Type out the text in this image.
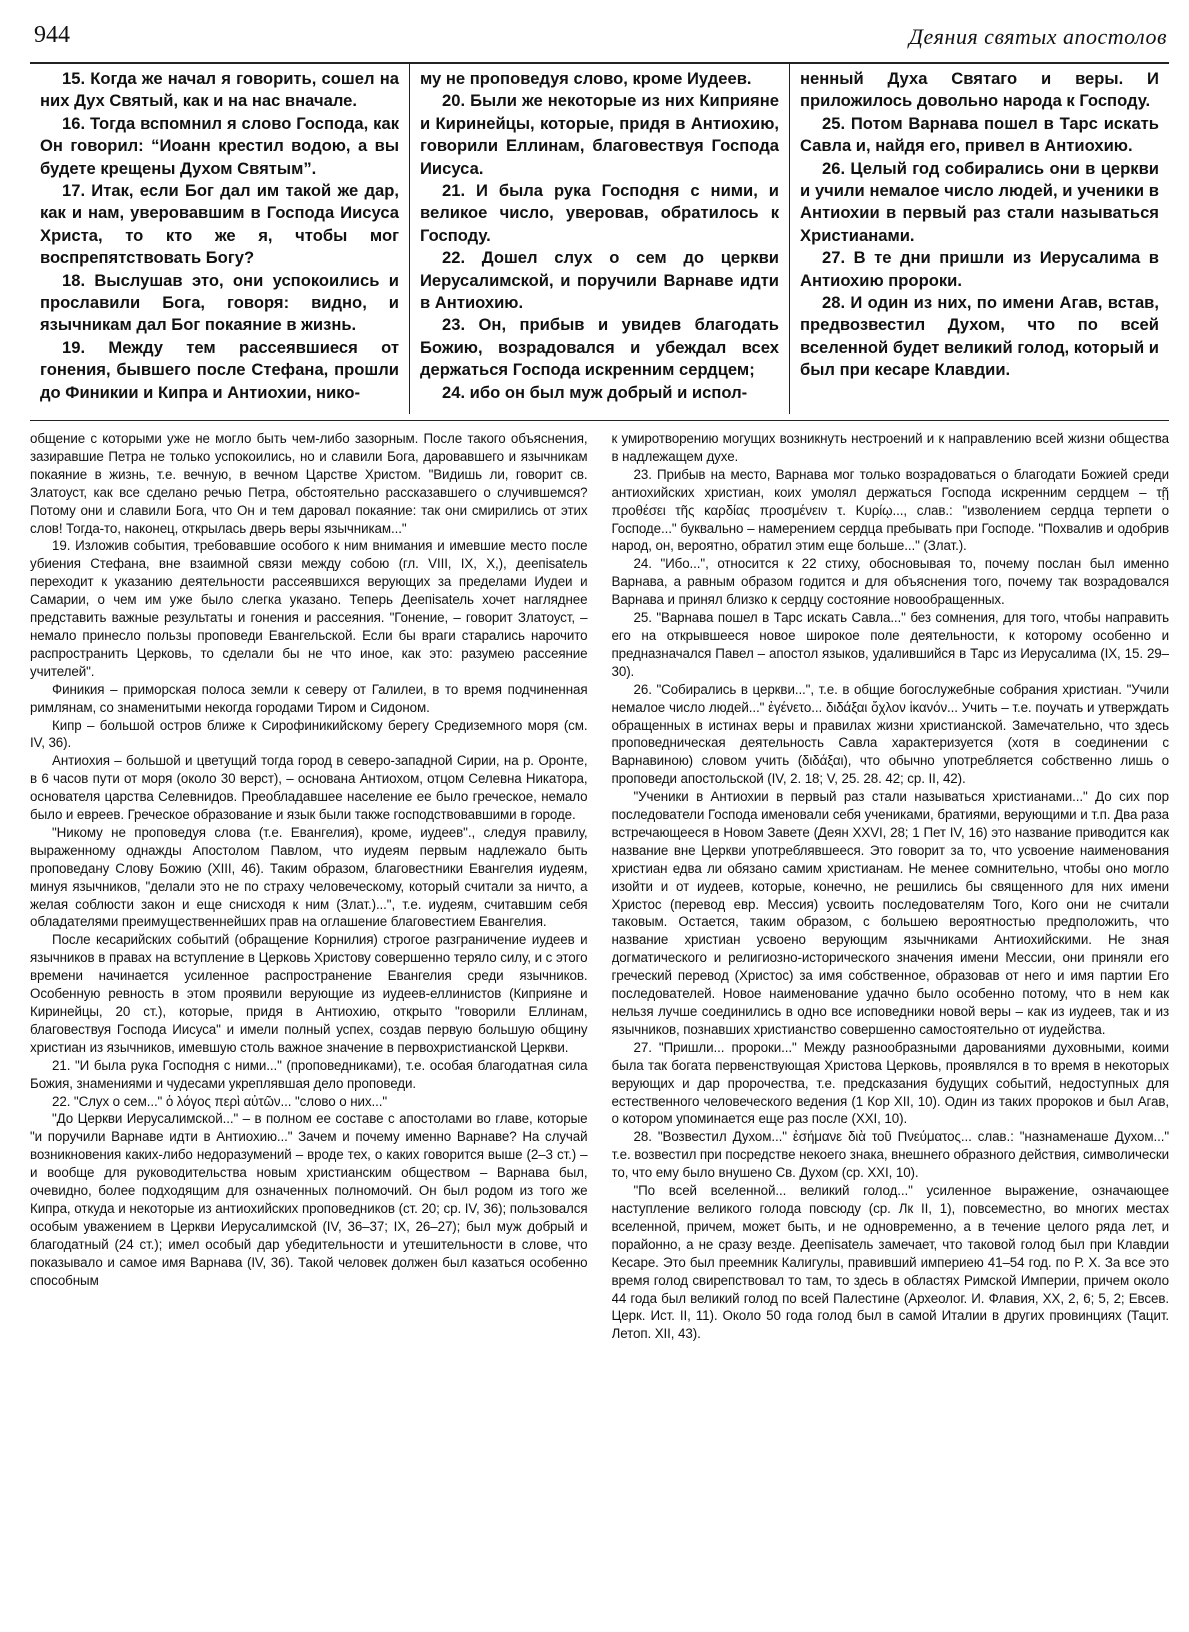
944	Деяния святых апостолов

15. Когда же начал я говорить, сошел на них Дух Святый, как и на нас вначале.

16. Тогда вспомнил я слово Господа, как Он говорил: “Иоанн крестил водою, а вы будете крещены Духом Святым”.

17. Итак, если Бог дал им такой же дар, как и нам, уверовавшим в Господа Иисуса Христа, то кто же я, чтобы мог воспрепятствовать Богу?

18. Выслушав это, они успокоились и прославили Бога, говоря: видно, и язычникам дал Бог покаяние в жизнь.

19. Между тем рассеявшиеся от гонения, бывшего после Стефана, прошли до Финикии и Кипра и Антиохии, нико-

му не проповедуя слово, кроме Иудеев.

20. Были же некоторые из них Киприяне и Киринейцы, которые, придя в Антиохию, говорили Еллинам, благовествуя Господа Иисуса.

21. И была рука Господня с ними, и великое число, уверовав, обратилось к Господу.

22. Дошел слух о сем до церкви Иерусалимской, и поручили Варнаве идти в Антиохию.

23. Он, прибыв и увидев благодать Божию, возрадовался и убеждал всех держаться Господа искренним сердцем;

24. ибо он был муж добрый и испол-

ненный Духа Святаго и веры. И приложилось довольно народа к Господу.

25. Потом Варнава пошел в Тарс искать Савла и, найдя его, привел в Антиохию.

26. Целый год собирались они в церкви и учили немалое число людей, и ученики в Антиохии в первый раз стали называться Христианами.

27. В те дни пришли из Иерусалима в Антиохию пророки.

28. И один из них, по имени Агав, встав, предвозвестил Духом, что по всей вселенной будет великий голод, который и был при кесаре Клавдии.

общение с которыми уже не могло быть чем-либо зазорным. После такого объяснения, зазиравшие Петра не только успокоились, но и славили Бога, даровавшего и язычникам покаяние в жизнь, т.е. вечную, в вечном Царстве Христом. "Видишь ли, говорит св. Златоуст, как все сделано речью Петра, обстоятельно рассказавшего о случившемся? Потому они и славили Бога, что Он и тем даровал покаяние: так они смирились от этих слов! Тогда-то, наконец, открылась дверь веры язычникам..."

19. Изложив события, требовавшие особого к ним внимания и имевшие место после убиения Стефана, вне взаимной связи между собою (гл. VIII, IX, X,), деепisatель переходит к указанию деятельности рассеявшихся верующих за пределами Иудеи и Самарии, о чем им уже было слегка указано. Теперь Деепisatель хочет нагляднее представить важные результаты и гонения и рассеяния. "Гонение, – говорит Златоуст, – немало принесло пользы проповеди Евангельской. Если бы враги старались нарочито распространить Церковь, то сделали бы не что иное, как это: разумею рассеяние учителей".

Финикия – приморская полоса земли к северу от Галилеи, в то время подчиненная римлянам, со знаменитыми некогда городами Тиром и Сидоном.

Кипр – большой остров ближе к Сирофиникийскому берегу Средиземного моря (см. IV, 36).

Антиохия – большой и цветущий тогда город в северо-западной Сирии, на р. Оронте, в 6 часов пути от моря (около 30 верст), – основана Антиохом, отцом Селевна Никатора, основателя царства Селевнидов. Преобладавшее население ее было греческое, немало было и евреев. Греческое образование и язык были также господствовавшими в городе.

"Никому не проповедуя слова (т.е. Евангелия), кроме, иудеев"., следуя правилу, выраженному однажды Апостолом Павлом, что иудеям первым надлежало быть проповедану Слову Божию (XIII, 46). Таким образом, благовестники Евангелия иудеям, минуя язычников, "делали это не по страху человеческому, который считали за ничто, а желая соблюсти закон и еще снисходя к ним (Злат.)...", т.е. иудеям, считавшим себя обладателями преимущественнейших прав на оглашение благовестием Евангелия.

После кесарийских событий (обращение Корнилия) строгое разграничение иудеев и язычников в правах на вступление в Церковь Христову совершенно теряло силу, и с этого времени начинается усиленное распространение Евангелия среди язычников. Особенную ревность в этом проявили верующие из иудеев-еллинистов (Киприяне и Киринейцы, 20 ст.), которые, придя в Антиохию, открыто "говорили Еллинам, благовествуя Господа Иисуса" и имели полный успех, создав первую большую общину христиан из язычников, имевшую столь важное значение в первохристианской Церкви.

21. "И была рука Господня с ними..." (проповедниками), т.е. особая благодатная сила Божия, знамениями и чудесами укреплявшая дело проповеди.

22. "Слух о сем..." ὁ λόγος περὶ αὐτῶν... "слово о них..."

"До Церкви Иерусалимской..." – в полном ее составе с апостолами во главе, которые "и поручили Варнаве идти в Антиохию..." Зачем и почему именно Варнаве? На случай возникновения каких-либо недоразумений – вроде тех, о каких говорится выше (2–3 ст.) – и вообще для руководительства новым христианским обществом – Варнава был, очевидно, более подходящим для означенных полномочий. Он был родом из того же Кипра, откуда и некоторые из антиохийских проповедников (ст. 20; ср. IV, 36); пользовался особым уважением в Церкви Иерусалимской (IV, 36–37; IX, 26–27); был муж добрый и благодатный (24 ст.); имел особый дар убедительности и утешительности в слове, что показывало и самое имя Варнава (IV, 36). Такой человек должен был казаться особенно способным

к умиротворению могущих возникнуть нестроений и к направлению всей жизни общества в надлежащем духе.

23. Прибыв на место, Варнава мог только возрадоваться о благодати Божией среди антиохийских христиан, коих умолял держаться Господа искренним сердцем – τῇ προθέσει τῆς καρδίας προσμένειν τ. Κυρίῳ..., слав.: "изволением сердца терпети о Господе..." буквально – намерением сердца пребывать при Господе. "Похвалив и одобрив народ, он, вероятно, обратил этим еще больше..." (Злат.).

24. "Ибо...", относится к 22 стиху, обосновывая то, почему послан был именно Варнава, а равным образом годится и для объяснения того, почему так возрадовался Варнава и принял близко к сердцу состояние новообращенных.

25. "Варнава пошел в Тарс искать Савла..." без сомнения, для того, чтобы направить его на открывшееся новое широкое поле деятельности, к которому особенно и предназначался Павел – апостол языков, удалившийся в Тарс из Иерусалима (IX, 15. 29–30).

26. "Собирались в церкви...", т.е. в общие богослужебные собрания христиан. "Учили немалое число людей..." ἐγένετο... διδάξαι ὄχλον ἱκανόν... Учить – т.е. поучать и утверждать обращенных в истинах веры и правилах жизни христианской. Замечательно, что здесь проповедническая деятельность Савла характеризуется (хотя в соединении с Варнавиною) словом учить (διδάξαι), что обычно употребляется собственно лишь о проповеди апостольской (IV, 2. 18; V, 25. 28. 42; ср. II, 42).

"Ученики в Антиохии в первый раз стали называться христианами..." До сих пор последователи Господа именовали себя учениками, братиями, верующими и т.п. Два раза встречающееся в Новом Завете (Деян XXVI, 28; 1 Пет IV, 16) это название приводится как название вне Церкви употреблявшееся. Это говорит за то, что усвоение наименования христиан едва ли обязано самим христианам. Не менее сомнительно, чтобы оно могло изойти и от иудеев, которые, конечно, не решились бы священного для них имени Христос (перевод евр. Мессия) усвоить последователям Того, Кого они не считали таковым. Остается, таким образом, с большею вероятностью предположить, что название христиан усвоено верующим язычниками Антиохийскими. Не зная догматического и религиозно-исторического значения имени Мессии, они приняли его греческий перевод (Христос) за имя собственное, образовав от него и имя партии Его последователей. Новое наименование удачно было особенно потому, что в нем как нельзя лучше соединились в одно все исповедники новой веры – как из иудеев, так и из язычников, познавших христианство совершенно самостоятельно от иудейства.

27. "Пришли... пророки..." Между разнообразными дарованиями духовными, коими была так богата первенствующая Христова Церковь, проявлялся в то время в некоторых верующих и дар пророчества, т.е. предсказания будущих событий, недоступных для естественного человеческого ведения (1 Кор XII, 10). Один из таких пророков и был Агав, о котором упоминается еще раз после (XXI, 10).

28. "Возвестил Духом..." ἐσήμανε διὰ τοῦ Πνεύματος... слав.: "назнаменаше Духом..." т.е. возвестил при посредстве некоего знака, внешнего образного действия, символически то, что ему было внушено Св. Духом (ср. XXI, 10).

"По всей вселенной... великий голод..." усиленное выражение, означающее наступление великого голода повсюду (ср. Лк II, 1), повсеместно, во многих местах вселенной, причем, может быть, и не одновременно, а в течение целого ряда лет, и порайонно, а не сразу везде. Деепisatель замечает, что таковой голод был при Клавдии Кесаре. Это был преемник Калигулы, правивший империею 41–54 год. по Р. Х. За все это время голод свирепствовал то там, то здесь в областях Римской Империи, причем около 44 года был великий голод по всей Палестине (Археолог. И. Флавия, XX, 2, 6; 5, 2; Евсев. Церк. Ист. II, 11). Около 50 года голод был в самой Италии в других провинциях (Тацит. Летоп. XII, 43).
